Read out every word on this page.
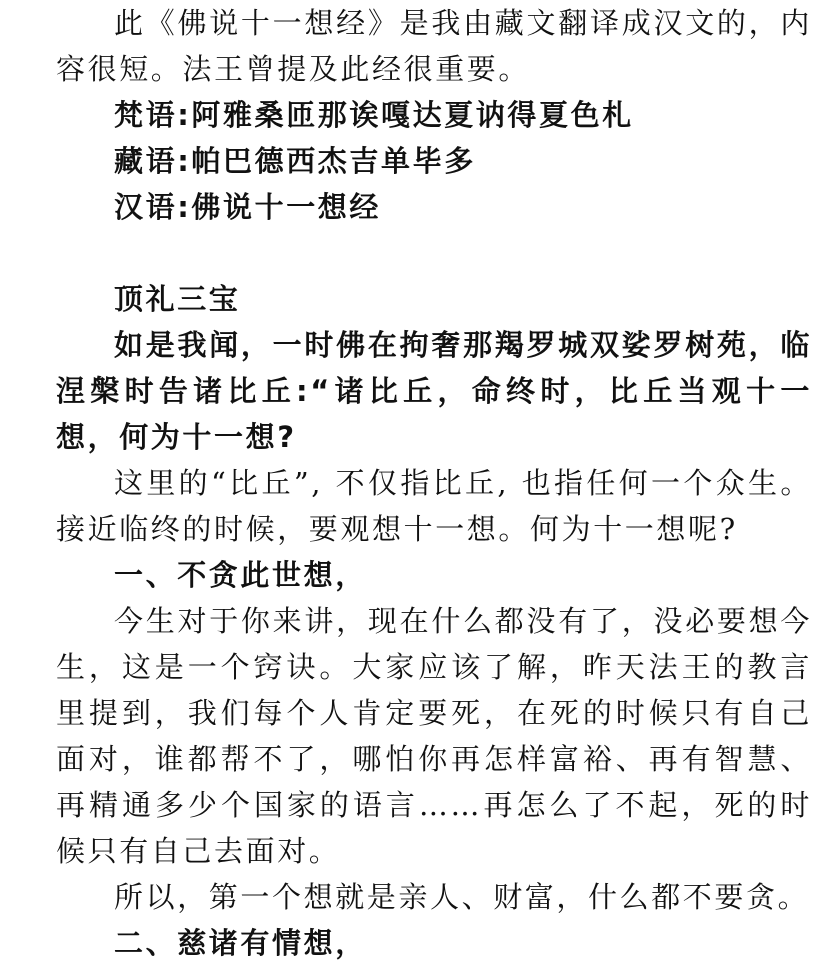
此《佛说十一想经》是我由藏文翻译成汉文的，内容很短。法王曾提及此经很重要。

梵语:阿雅桑匝那诶嘎达夏讷得夏色札

藏语:帕巴德西杰吉单毕多

汉语:佛说十一想经

顶礼三宝

如是我闻，一时佛在拘奢那羯罗城双娑罗树苑，临涅槃时告诸比丘:“诸比丘，命终时，比丘当观十一想，何为十一想?

这里的“比丘”, 不仅指比丘, 也指任何一个众生。接近临终的时候，要观想十一想。何为十一想呢?

一、不贪此世想，

今生对于你来讲，现在什么都没有了，没必要想今生，这是一个窍诀。大家应该了解，昨天法王的教言里提到，我们每个人肯定要死，在死的时候只有自己面对，谁都帮不了，哪怕你再怎样富裕、再有智慧、再精通多少个国家的语言……再怎么了不起，死的时候只有自己去面对。

所以，第一个想就是亲人、财富，什么都不要贪。

二、慈诸有情想，
